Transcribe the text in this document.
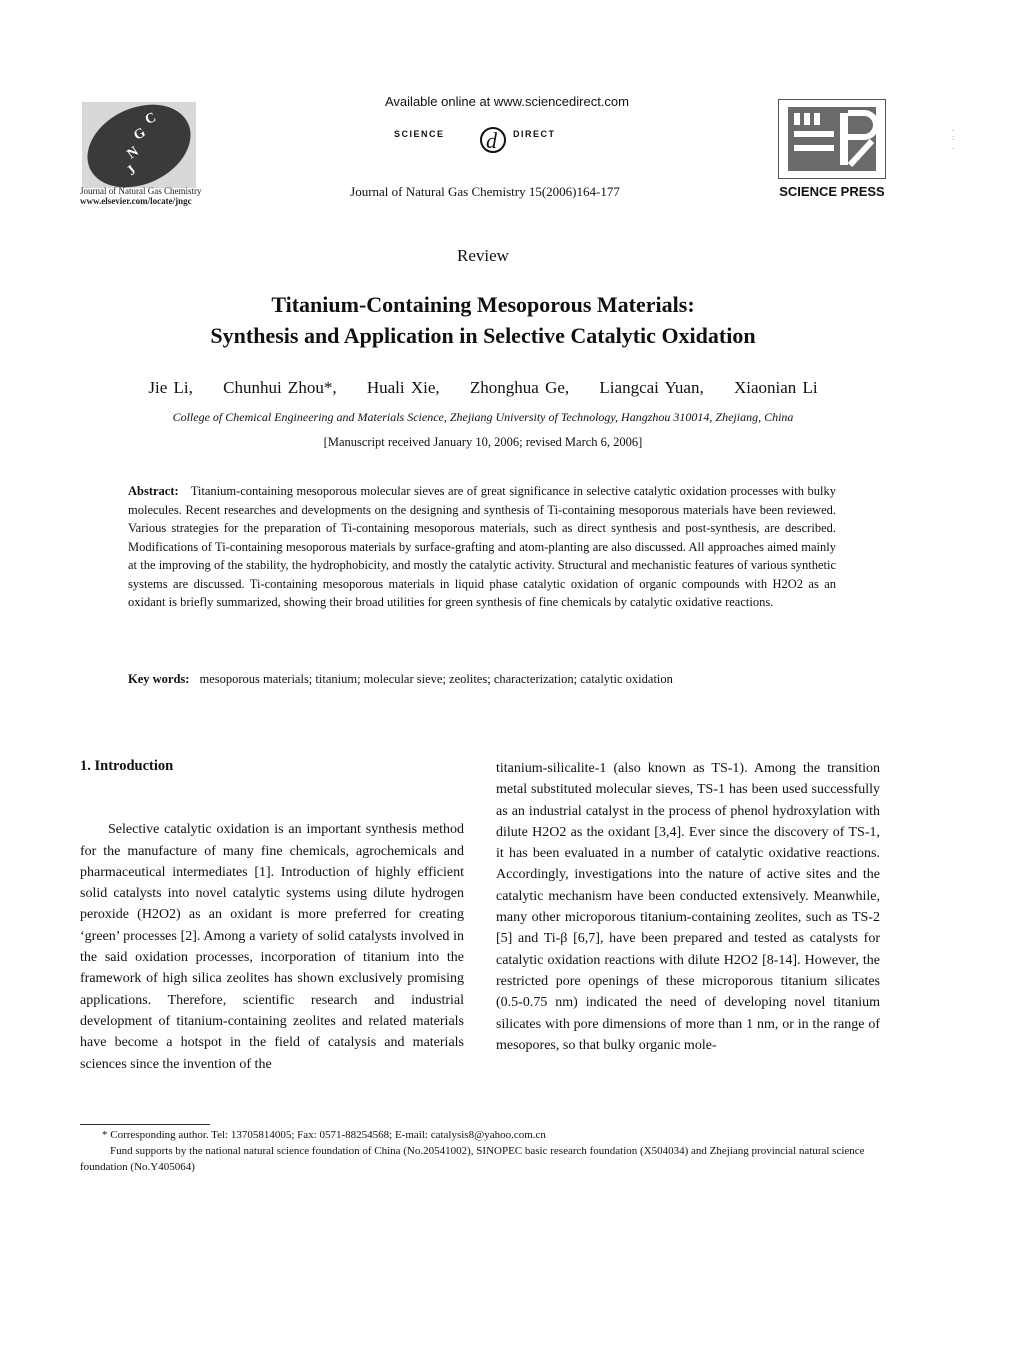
J
N
G
C
Journal of Natural Gas Chemistry
www.elsevier.com/locate/jngc
Available online at www.sciencedirect.com
SCIENCE d DIRECT
Journal of Natural Gas Chemistry 15(2006)164-177	SCIENCE PRESS
.
:
.
Review
Titanium-Containing Mesoporous Materials:
Synthesis and Application in Selective Catalytic Oxidation
Jie Li, Chunhui Zhou*, Huali Xie, Zhonghua Ge, Liangcai Yuan, Xiaonian Li
College of Chemical Engineering and Materials Science, Zhejiang University of Technology, Hangzhou 310014, Zhejiang, China
[Manuscript received January 10, 2006; revised March 6, 2006]
Abstract: Titanium-containing mesoporous molecular sieves are of great significance in selective catalytic oxidation processes with bulky molecules. Recent researches and developments on the designing and synthesis of Ti-containing mesoporous materials have been reviewed. Various strategies for the preparation of Ti-containing mesoporous materials, such as direct synthesis and post-synthesis, are described. Modifications of Ti-containing mesoporous materials by surface-grafting and atom-planting are also discussed. All approaches aimed mainly at the improving of the stability, the hydrophobicity, and mostly the catalytic activity. Structural and mechanistic features of various synthetic systems are discussed. Ti-containing mesoporous materials in liquid phase catalytic oxidation of organic compounds with H2O2 as an oxidant is briefly summarized, showing their broad utilities for green synthesis of fine chemicals by catalytic oxidative reactions.
Key words: mesoporous materials; titanium; molecular sieve; zeolites; characterization; catalytic oxidation
1. Introduction
Selective catalytic oxidation is an important synthesis method for the manufacture of many fine chemicals, agrochemicals and pharmaceutical intermediates [1]. Introduction of highly efficient solid catalysts into novel catalytic systems using dilute hydrogen peroxide (H2O2) as an oxidant is more preferred for creating ‘green’ processes [2]. Among a variety of solid catalysts involved in the said oxidation processes, incorporation of titanium into the framework of high silica zeolites has shown exclusively promising applications. Therefore, scientific research and industrial development of titanium-containing zeolites and related materials have become a hotspot in the field of catalysis and materials sciences since the invention of the
titanium-silicalite-1 (also known as TS-1). Among the transition metal substituted molecular sieves, TS-1 has been used successfully as an industrial catalyst in the process of phenol hydroxylation with dilute H2O2 as the oxidant [3,4]. Ever since the discovery of TS-1, it has been evaluated in a number of catalytic oxidative reactions. Accordingly, investigations into the nature of active sites and the catalytic mechanism have been conducted extensively. Meanwhile, many other microporous titanium-containing zeolites, such as TS-2 [5] and Ti-β [6,7], have been prepared and tested as catalysts for catalytic oxidation reactions with dilute H2O2 [8-14]. However, the restricted pore openings of these microporous titanium silicates (0.5-0.75 nm) indicated the need of developing novel titanium silicates with pore dimensions of more than 1 nm, or in the range of mesopores, so that bulky organic mole-
* Corresponding author. Tel: 13705814005; Fax: 0571-88254568; E-mail: catalysis8@yahoo.com.cn
Fund supports by the national natural science foundation of China (No.20541002), SINOPEC basic research foundation (X504034) and Zhejiang provincial natural science foundation (No.Y405064)
